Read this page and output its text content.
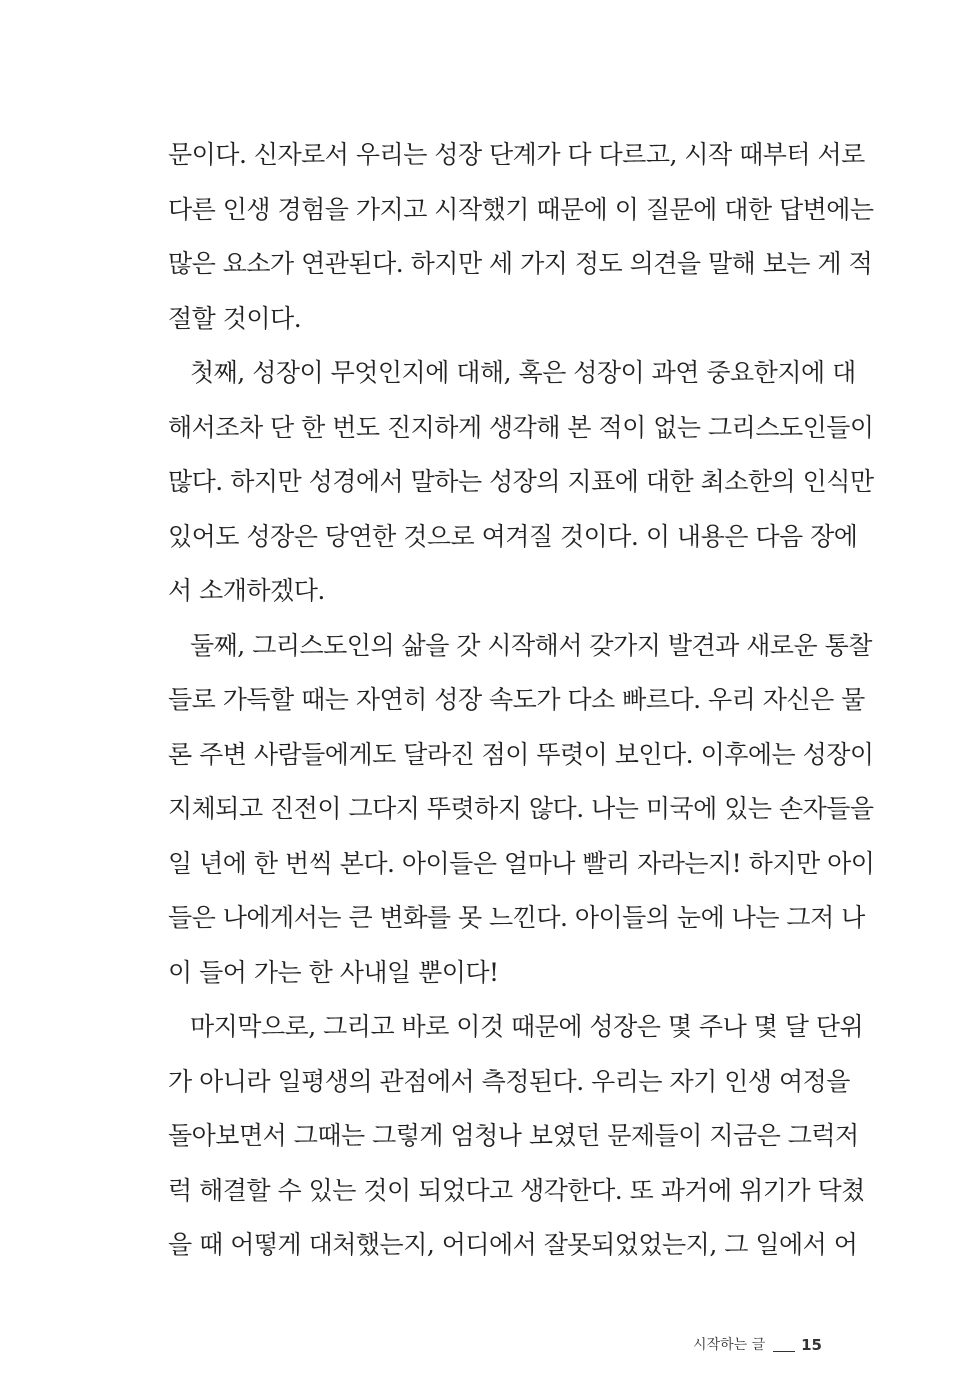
문이다. 신자로서 우리는 성장 단계가 다 다르고, 시작 때부터 서로
다른 인생 경험을 가지고 시작했기 때문에 이 질문에 대한 답변에는
많은 요소가 연관된다. 하지만 세 가지 정도 의견을 말해 보는 게 적
절할 것이다.
첫째, 성장이 무엇인지에 대해, 혹은 성장이 과연 중요한지에 대
해서조차 단 한 번도 진지하게 생각해 본 적이 없는 그리스도인들이
많다. 하지만 성경에서 말하는 성장의 지표에 대한 최소한의 인식만
있어도 성장은 당연한 것으로 여겨질 것이다. 이 내용은 다음 장에
서 소개하겠다.
둘째, 그리스도인의 삶을 갓 시작해서 갖가지 발견과 새로운 통찰
들로 가득할 때는 자연히 성장 속도가 다소 빠르다. 우리 자신은 물
론 주변 사람들에게도 달라진 점이 뚜렷이 보인다. 이후에는 성장이
지체되고 진전이 그다지 뚜렷하지 않다. 나는 미국에 있는 손자들을
일 년에 한 번씩 본다. 아이들은 얼마나 빨리 자라는지! 하지만 아이
들은 나에게서는 큰 변화를 못 느낀다. 아이들의 눈에 나는 그저 나
이 들어 가는 한 사내일 뿐이다!
마지막으로, 그리고 바로 이것 때문에 성장은 몇 주나 몇 달 단위
가 아니라 일평생의 관점에서 측정된다. 우리는 자기 인생 여정을
돌아보면서 그때는 그렇게 엄청나 보였던 문제들이 지금은 그럭저
럭 해결할 수 있는 것이 되었다고 생각한다. 또 과거에 위기가 닥쳤
을 때 어떻게 대처했는지, 어디에서 잘못되었었는지, 그 일에서 어
시작하는 글 15
